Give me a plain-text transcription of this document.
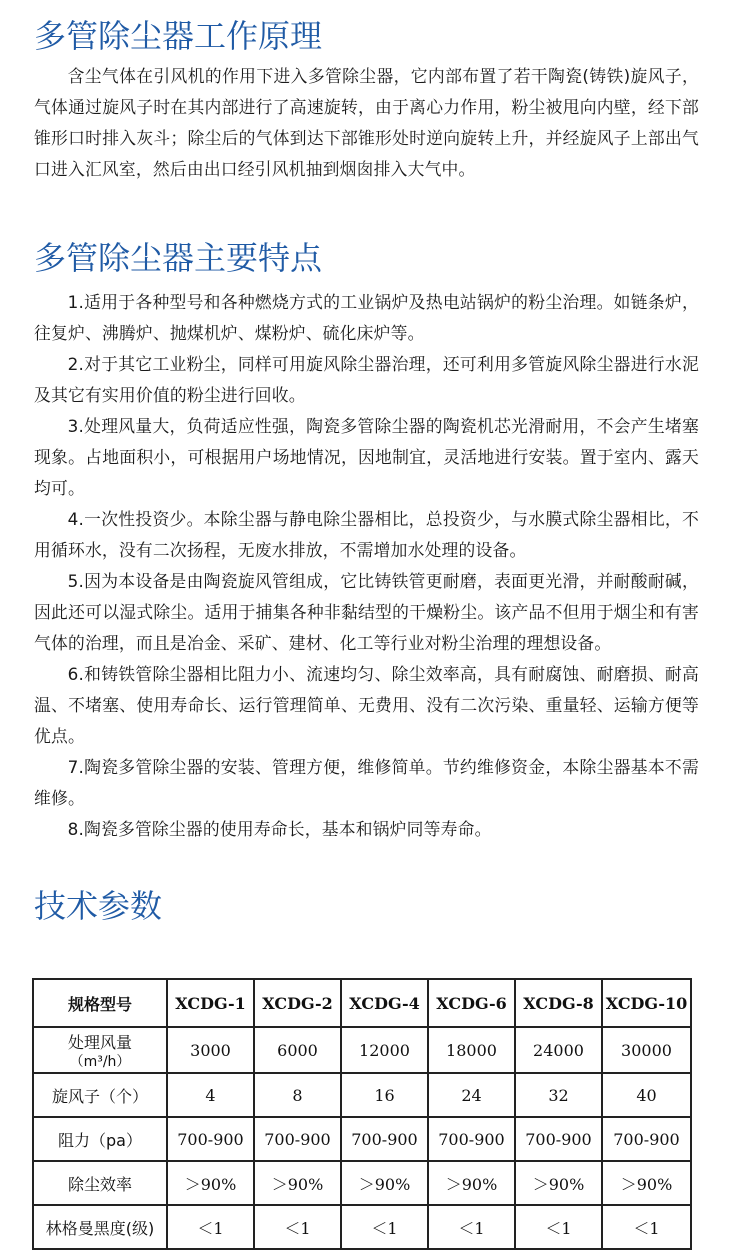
多管除尘器工作原理

含尘气体在引风机的作用下进入多管除尘器，它内部布置了若干陶瓷(铸铁)旋风子，气体通过旋风子时在其内部进行了高速旋转，由于离心力作用，粉尘被甩向内壁，经下部锥形口时排入灰斗；除尘后的气体到达下部锥形处时逆向旋转上升，并经旋风子上部出气口进入汇风室，然后由出口经引风机抽到烟囱排入大气中。

多管除尘器主要特点

1.适用于各种型号和各种燃烧方式的工业锅炉及热电站锅炉的粉尘治理。如链条炉，往复炉、沸腾炉、抛煤机炉、煤粉炉、硫化床炉等。

2.对于其它工业粉尘，同样可用旋风除尘器治理，还可利用多管旋风除尘器进行水泥及其它有实用价值的粉尘进行回收。

3.处理风量大，负荷适应性强，陶瓷多管除尘器的陶瓷机芯光滑耐用，不会产生堵塞现象。占地面积小，可根据用户场地情况，因地制宜，灵活地进行安装。置于室内、露天均可。

4.一次性投资少。本除尘器与静电除尘器相比，总投资少，与水膜式除尘器相比，不用循环水，没有二次扬程，无废水排放，不需增加水处理的设备。

5.因为本设备是由陶瓷旋风管组成，它比铸铁管更耐磨，表面更光滑，并耐酸耐碱，因此还可以湿式除尘。适用于捕集各种非黏结型的干燥粉尘。该产品不但用于烟尘和有害气体的治理，而且是冶金、采矿、建材、化工等行业对粉尘治理的理想设备。

6.和铸铁管除尘器相比阻力小、流速均匀、除尘效率高，具有耐腐蚀、耐磨损、耐高温、不堵塞、使用寿命长、运行管理简单、无费用、没有二次污染、重量轻、运输方便等优点。

7.陶瓷多管除尘器的安装、管理方便，维修简单。节约维修资金，本除尘器基本不需维修。

8.陶瓷多管除尘器的使用寿命长，基本和锅炉同等寿命。

技术参数
规格型号	XCDG-1	XCDG-2	XCDG-4	XCDG-6	XCDG-8	XCDG-10
处理风量
（m³/h）	3000	6000	12000	18000	24000	30000
旋风子（个）	4	8	16	24	32	40
阻力（pa）	700-900	700-900	700-900	700-900	700-900	700-900
除尘效率	＞90%	＞90%	＞90%	＞90%	＞90%	＞90%
林格曼黑度(级)	＜1	＜1	＜1	＜1	＜1	＜1
